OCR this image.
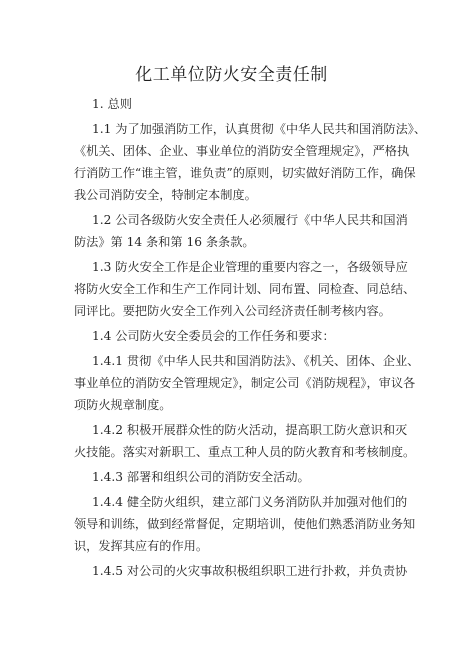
化工单位防火安全责任制
1. 总则
1.1 为了加强消防工作，认真贯彻《中华人民共和国消防法》、
《机关、团体、企业、事业单位的消防安全管理规定》，严格执
行消防工作“谁主管，谁负责”的原则，切实做好消防工作，确保
我公司消防安全，特制定本制度。
1.2 公司各级防火安全责任人必须履行《中华人民共和国消
防法》第 14 条和第 16 条条款。
1.3 防火安全工作是企业管理的重要内容之一，各级领导应
将防火安全工作和生产工作同计划、同布置、同检查、同总结、
同评比。要把防火安全工作列入公司经济责任制考核内容。
1.4 公司防火安全委员会的工作任务和要求：
1.4.1 贯彻《中华人民共和国消防法》、《机关、团体、企业、
事业单位的消防安全管理规定》，制定公司《消防规程》，审议各
项防火规章制度。
1.4.2 积极开展群众性的防火活动，提高职工防火意识和灭
火技能。落实对新职工、重点工种人员的防火教育和考核制度。
1.4.3 部署和组织公司的消防安全活动。
1.4.4 健全防火组织，建立部门义务消防队并加强对他们的
领导和训练，做到经常督促，定期培训，使他们熟悉消防业务知
识，发挥其应有的作用。
1.4.5 对公司的火灾事故积极组织职工进行扑救，并负责协
